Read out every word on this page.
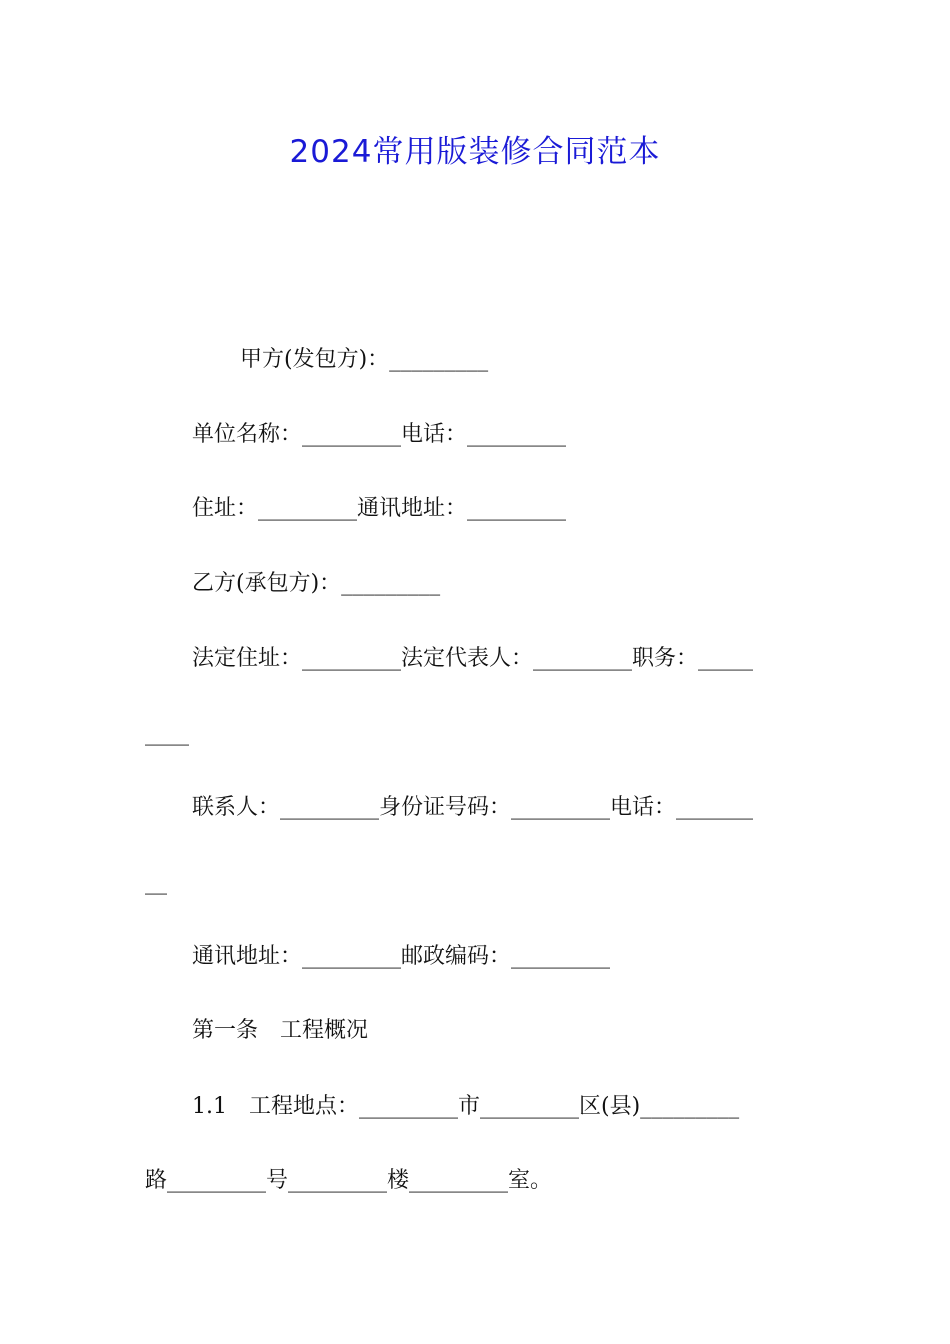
2024常用版装修合同范本

甲方(发包方)：_________

单位名称：_________电话：_________

住址：_________通讯地址：_________

乙方(承包方)：_________

法定住址：_________法定代表人：_________职务：_____

____

联系人：_________身份证号码：_________电话：_______

__

通讯地址：_________邮政编码：_________

第一条　工程概况

1.1　工程地点：_________市_________区(县)_________

路_________号_________楼_________室。
